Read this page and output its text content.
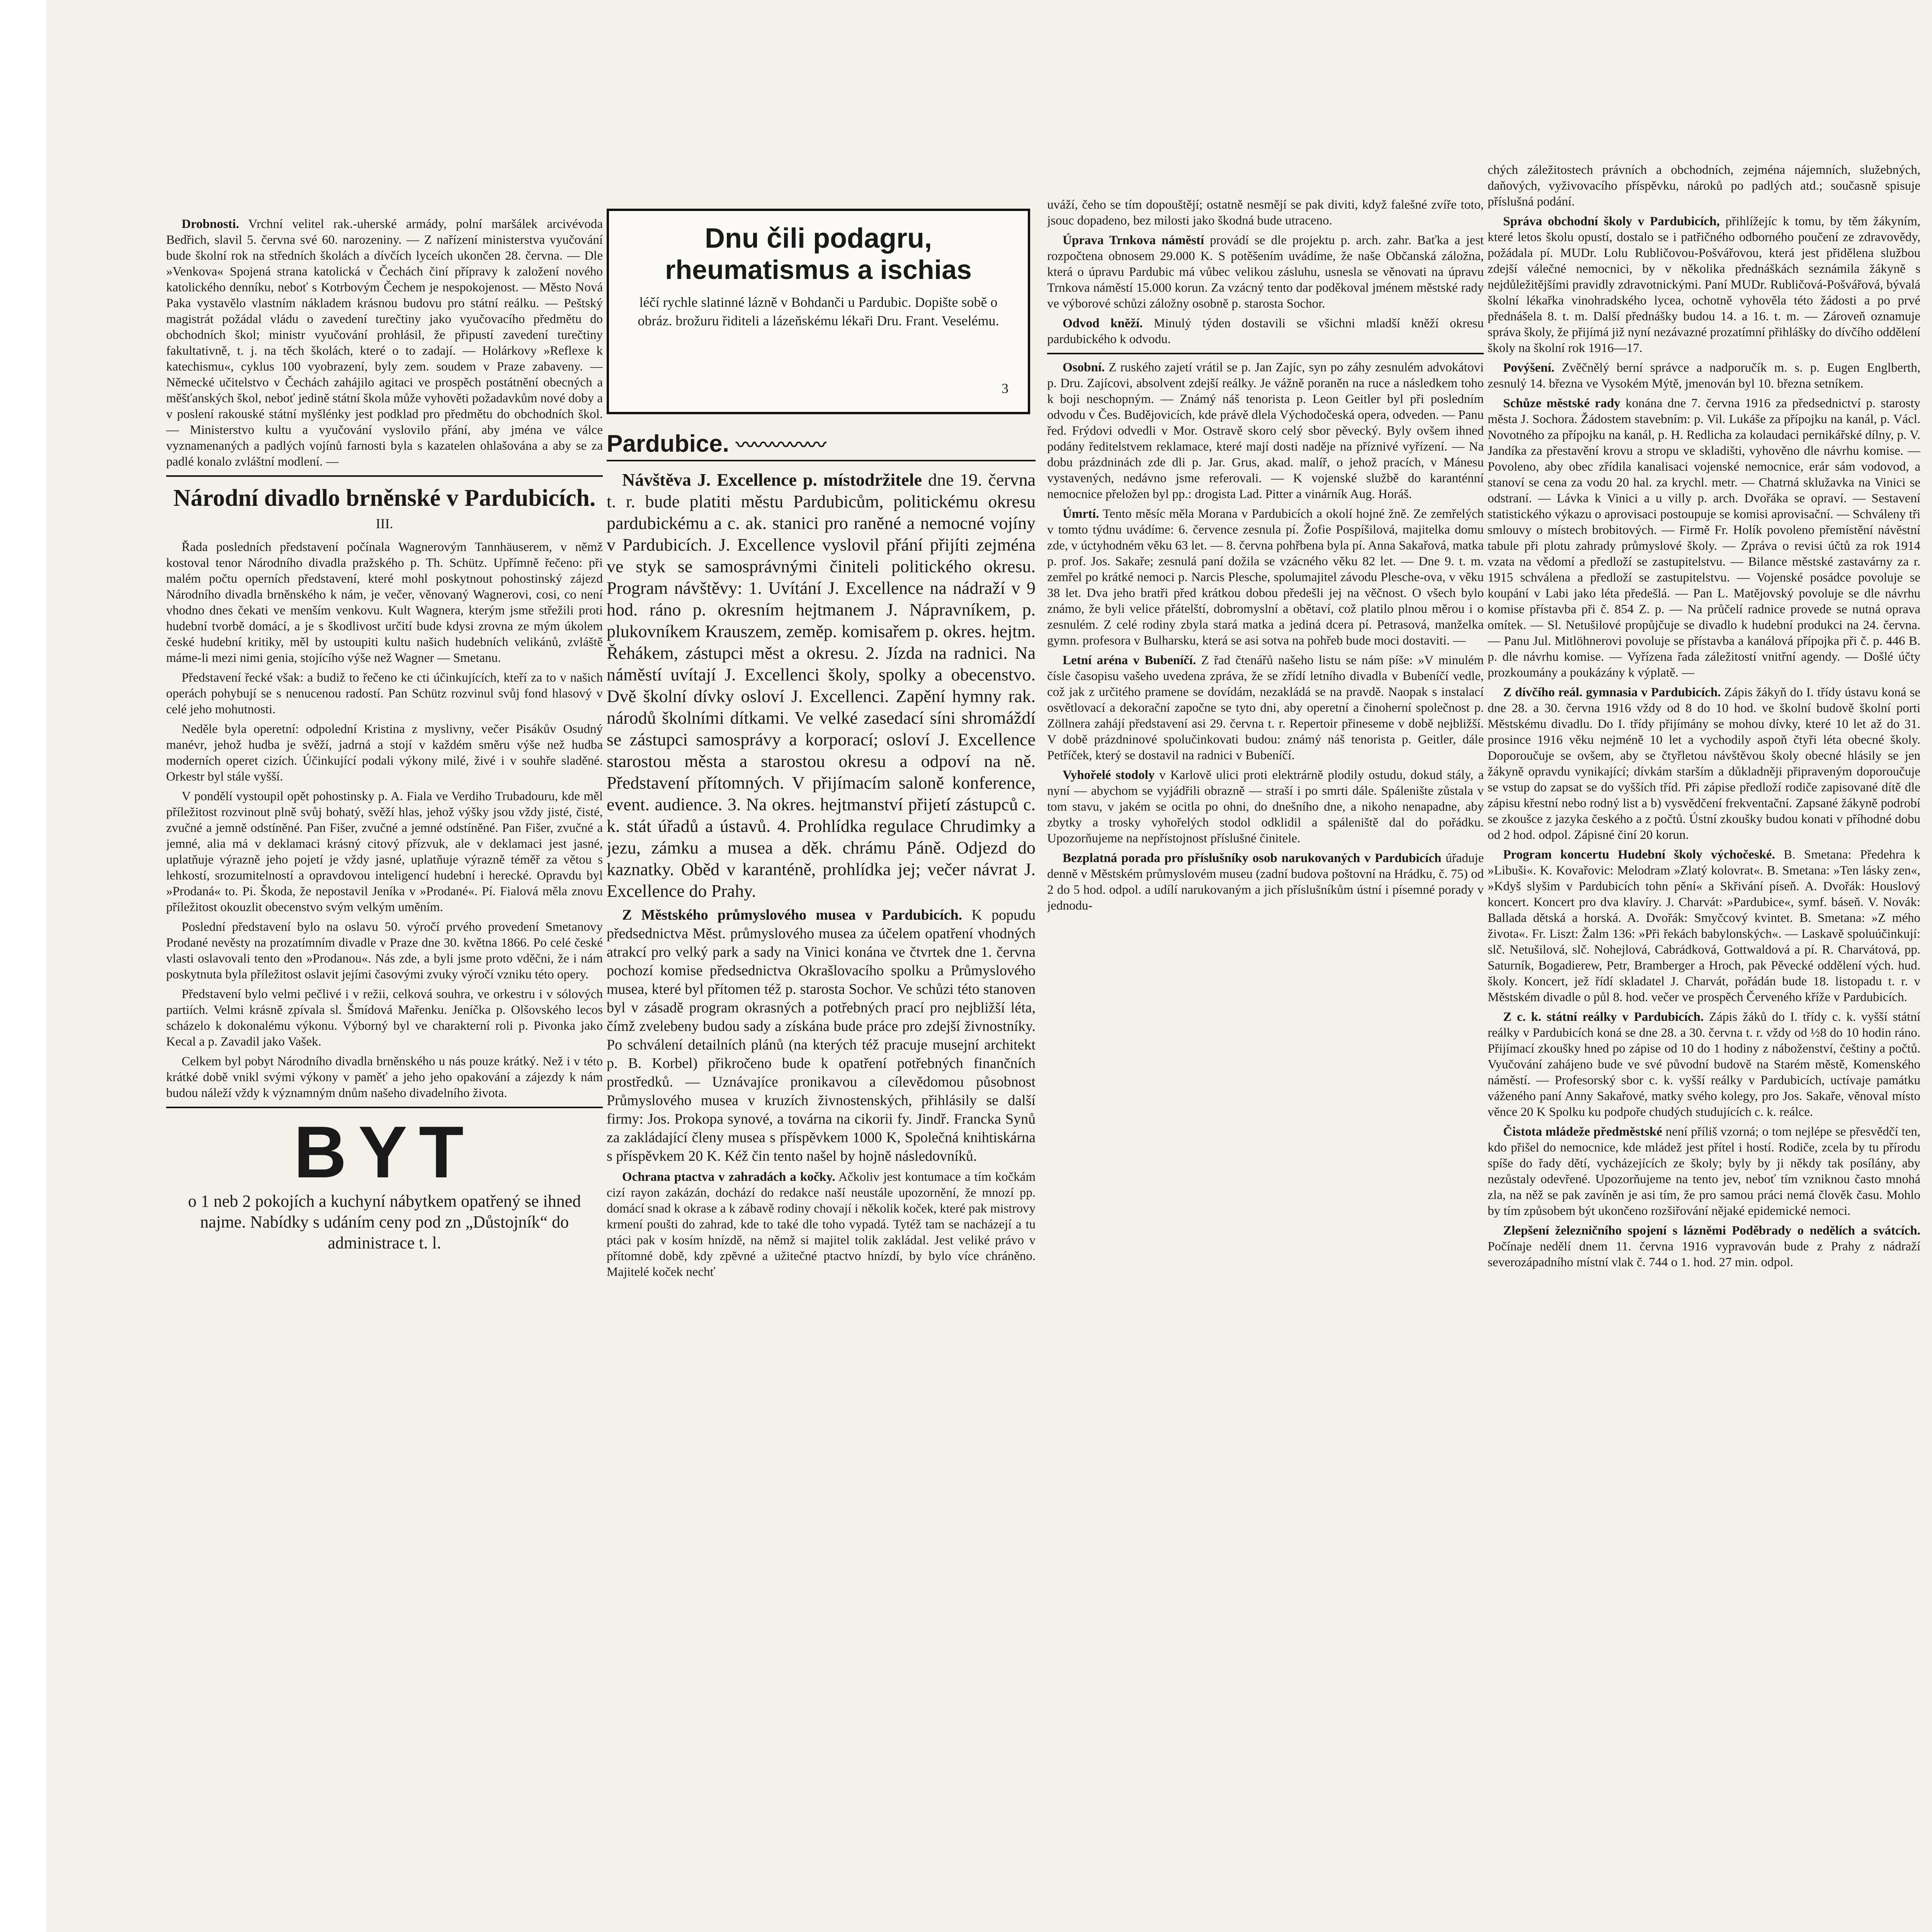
Drobnosti. Vrchní velitel rak.-uherské armády, polní maršálek arcivévoda Bedřich, slavil 5. června své 60. narozeniny. — Z nařízení ministerstva vyučování bude školní rok na středních školách a dívčích lyceích ukončen 28. června. — Dle »Venkova« Spojená strana katolická v Čechách činí přípravy k založení nového katolického denníku, neboť s Kotrbovým Čechem je nespokojenost. — Město Nová Paka vystavělo vlastním nákladem krásnou budovu pro státní reálku. — Peštský magistrát požádal vládu o zavedení turečtiny jako vyučovacího předmětu do obchodních škol; ministr vyučování prohlásil, že připustí zavedení turečtiny fakultativně, t. j. na těch školách, které o to zadají. — Holárkovy »Reflexe k katechismu«, cyklus 100 vyobrazení, byly zem. soudem v Praze zabaveny. — Německé učitelstvo v Čechách zahájilo agitaci ve prospěch postátnění obecných a měšťanských škol, neboť jedině státní škola může vyhověti požadavkům nové doby a v poslení rakouské státní myšlénky jest podklad pro předmětu do obchodních škol. — Ministerstvo kultu a vyučování vyslovilo přání, aby jména ve válce vyznamenaných a padlých vojínů farnosti byla s kazatelen ohlašována a aby se za padlé konalo zvláštní modlení. —

Národní divadlo brněnské v Pardubicích.
III.

Řada posledních představení počínala Wagnerovým Tannhäuserem, v němž kostoval tenor Národního divadla pražského p. Th. Schütz. Upřímně řečeno: při malém počtu operních představení, které mohl poskytnout pohostinský zájezd Národního divadla brněnského k nám, je večer, věnovaný Wagnerovi, cosi, co není vhodno dnes čekati ve menším venkovu. Kult Wagnera, kterým jsme střežili proti hudební tvorbě domácí, a je s škodlivost určití bude kdysi zrovna ze mým úkolem české hudební kritiky, měl by ustoupiti kultu našich hudebních velikánů, zvláště máme-li mezi nimi genia, stojícího výše než Wagner — Smetanu.

Představení řecké však: a budiž to řečeno ke cti účinkujících, kteří za to v našich operách pohybují se s nenucenou radostí. Pan Schütz rozvinul svůj fond hlasový v celé jeho mohutnosti.

Neděle byla operetní: odpolední Kristina z myslivny, večer Pisákův Osudný manévr, jehož hudba je svěží, jadrná a stojí v každém směru výše než hudba moderních operet cizích. Účinkující podali výkony milé, živé i v souhře sladěné. Orkestr byl stále vyšší.

V pondělí vystoupil opět pohostinsky p. A. Fiala ve Verdiho Trubadouru, kde měl příležitost rozvinout plně svůj bohatý, svěží hlas, jehož výšky jsou vždy jisté, čisté, zvučné a jemně odstíněné. Pan Fišer, zvučné a jemné odstíněné. Pan Fišer, zvučné a jemné, alia má v deklamaci krásný citový přízvuk, ale v deklamaci jest jasné, uplatňuje výrazně jeho pojetí je vždy jasné, uplatňuje výrazně téměř za větou s lehkostí, srozumitelností a opravdovou inteligencí hudební i herecké. Opravdu byl »Prodaná« to. Pi. Škoda, že nepostavil Jeníka v »Prodané«. Pí. Fialová měla znovu příležitost okouzlit obecenstvo svým velkým uměním.

Poslední představení bylo na oslavu 50. výročí prvého provedení Smetanovy Prodané nevěsty na prozatímním divadle v Praze dne 30. května 1866. Po celé české vlasti oslavovali tento den »Prodanou«. Nás zde, a byli jsme proto vděčni, že i nám poskytnuta byla příležitost oslavit jejími časovými zvuky výročí vzniku této opery.

Představení bylo velmi pečlivé i v režii, celková souhra, ve orkestru i v sólových partiích. Velmi krásně zpívala sl. Šmídová Mařenku. Jeníčka p. Olšovského lecos scházelo k dokonalému výkonu. Výborný byl ve charakterní roli p. Pivonka jako Kecal a p. Zavadil jako Vašek.

Celkem byl pobyt Národního divadla brněnského u nás pouze krátký. Než i v této krátké době vnikl svými výkony v paměť a jeho jeho opakování a zájezdy k nám budou náleží vždy k významným dnům našeho divadelního života.

BYT

o 1 neb 2 pokojích a kuchyní nábytkem opatřený se ihned najme. Nabídky s udáním ceny pod zn „Důstojník“ do administrace t. l.

Dnu čili podagru,
rheumatismus a ischias

léčí rychle slatinné lázně v Bohdanči u Pardubic. Dopište sobě o obráz. brožuru řiditeli a lázeňskému lékaři Dru. Frant. Veselému.

3
Pardubice. 〰〰〰〰〰

Návštěva J. Excellence p. místodržitele dne 19. června t. r. bude platiti městu Pardubicům, politickému okresu pardubickému a c. ak. stanici pro raněné a nemocné vojíny v Pardubicích. J. Excellence vyslovil přání přijíti zejména ve styk se samosprávnými činiteli politického okresu. Program návštěvy: 1. Uvítání J. Excellence na nádraží v 9 hod. ráno p. okresním hejtmanem J. Nápravníkem, p. plukovníkem Krauszem, zeměp. komisařem p. okres. hejtm. Řehákem, zástupci měst a okresu. 2. Jízda na radnici. Na náměstí uvítají J. Excellenci školy, spolky a obecenstvo. Dvě školní dívky osloví J. Excellenci. Zapění hymny rak. národů školními dítkami. Ve velké zasedací síni shromáždí se zástupci samosprávy a korporací; osloví J. Excellence starostou města a starostou okresu a odpoví na ně. Představení přítomných. V přijímacím saloně konference, event. audience. 3. Na okres. hejtmanství přijetí zástupců c. k. stát úřadů a ústavů. 4. Prohlídka regulace Chrudimky a jezu, zámku a musea a děk. chrámu Páně. Odjezd do kaznatky. Oběd v karanténě, prohlídka jej; večer návrat J. Excellence do Prahy.

Z Městského průmyslového musea v Pardubicích. K popudu předsednictva Měst. průmyslového musea za účelem opatření vhodných atrakcí pro velký park a sady na Vinici konána ve čtvrtek dne 1. června pochozí komise předsednictva Okrašlovacího spolku a Průmyslového musea, které byl přítomen též p. starosta Sochor. Ve schůzi této stanoven byl v zásadě program okrasných a potřebných prací pro nejbližší léta, čímž zvelebeny budou sady a získána bude práce pro zdejší živnostníky. Po schválení detailních plánů (na kterých též pracuje musejní architekt p. B. Korbel) přikročeno bude k opatření potřebných finančních prostředků. — Uznávajíce pronikavou a cílevědomou působnost Průmyslového musea v kruzích živnostenských, přihlásily se další firmy: Jos. Prokopa synové, a továrna na cikorii fy. Jindř. Francka Synů za zakládající členy musea s příspěvkem 1000 K, Společná knihtiskárna s příspěvkem 20 K. Kéž čin tento našel by hojně následovníků.

Ochrana ptactva v zahradách a kočky. Ačkoliv jest kontumace a tím kočkám cizí rayon zakázán, dochází do redakce naší neustále upozornění, že mnozí pp. domácí snad k okrase a k zábavě rodiny chovají i několik koček, které pak mistrovy krmení poušti do zahrad, kde to také dle toho vypadá. Tytéž tam se nacházejí a tu ptáci pak v kosím hnízdě, na němž si majitel tolik zakládal. Jest veliké právo v přítomné době, kdy zpěvné a užitečné ptactvo hnízdí, by bylo více chráněno. Majitelé koček nechť

uváží, čeho se tím dopouštějí; ostatně nesmějí se pak diviti, když falešné zvíře toto, jsouc dopadeno, bez milosti jako škodná bude utraceno.

Úprava Trnkova náměstí provádí se dle projektu p. arch. zahr. Baťka a jest rozpočtena obnosem 29.000 K. S potěšením uvádíme, že naše Občanská záložna, která o úpravu Pardubic má vůbec velikou zásluhu, usnesla se věnovati na úpravu Trnkova náměstí 15.000 korun. Za vzácný tento dar poděkoval jménem městské rady ve výborové schůzi záložny osobně p. starosta Sochor.

Odvod kněží. Minulý týden dostavili se všichni mladší kněží okresu pardubického k odvodu.

Osobní. Z ruského zajetí vrátil se p. Jan Zajíc, syn po záhy zesnulém advokátovi p. Dru. Zajícovi, absolvent zdejší reálky. Je vážně poraněn na ruce a následkem toho k boji neschopným. — Známý náš tenorista p. Leon Geitler byl při posledním odvodu v Čes. Budějovicích, kde právě dlela Východočeská opera, odveden. — Panu řed. Frýdovi odvedli v Mor. Ostravě skoro celý sbor pěvecký. Byly ovšem ihned podány ředitelstvem reklamace, které mají dosti naděje na příznivé vyřízení. — Na dobu prázdninách zde dli p. Jar. Grus, akad. malíř, o jehož pracích, v Mánesu vystavených, nedávno jsme referovali. — K vojenské službě do karanténní nemocnice přeložen byl pp.: drogista Lad. Pitter a vinárník Aug. Horáš.

Úmrtí. Tento měsíc měla Morana v Pardubicích a okolí hojné žně. Ze zemřelých v tomto týdnu uvádíme: 6. července zesnula pí. Žofie Pospíšilová, majitelka domu zde, v úctyhodném věku 63 let. — 8. června pohřbena byla pí. Anna Sakařová, matka p. prof. Jos. Sakaře; zesnulá paní dožila se vzácného věku 82 let. — Dne 9. t. m. zemřel po krátké nemoci p. Narcis Plesche, spolumajitel závodu Plesche-ova, v věku 38 let. Dva jeho bratři před krátkou dobou předešli jej na věčnost. O všech bylo známo, že byli velice přátelští, dobromyslní a obětaví, což platilo plnou měrou i o zesnulém. Z celé rodiny zbyla stará matka a jediná dcera pí. Petrasová, manželka gymn. profesora v Bulharsku, která se asi sotva na pohřeb bude moci dostaviti. —

Letní aréna v Bubeníčí. Z řad čtenářů našeho listu se nám píše: »V minulém čísle časopisu vašeho uvedena zpráva, že se zřídí letního divadla v Bubeníčí vedle, což jak z určitého pramene se dovídám, nezakládá se na pravdě. Naopak s instalací osvětlovací a dekorační započne se tyto dni, aby operetní a činoherní společnost p. Zöllnera zahájí představení asi 29. června t. r. Repertoir přineseme v době nejbližší. V době prázdninové spolučinkovati budou: známý náš tenorista p. Geitler, dále Petříček, který se dostavil na radnici v Bubeníčí.

Vyhořelé stodoly v Karlově ulici proti elektrárně plodily ostudu, dokud stály, a nyní — abychom se vyjádřili obrazně — straší i po smrti dále. Spálenište zůstala v tom stavu, v jakém se ocitla po ohni, do dnešního dne, a nikoho nenapadne, aby zbytky a trosky vyhořelých stodol odklidil a spáleniště dal do pořádku. Upozorňujeme na nepřístojnost příslušné činitele.

Bezplatná porada pro příslušníky osob narukovaných v Pardubicích úřaduje denně v Městském průmyslovém museu (zadní budova poštovní na Hrádku, č. 75) od 2 do 5 hod. odpol. a udílí narukovaným a jich příslušníkům ústní i písemné porady v jednodu-

chých záležitostech právních a obchodních, zejména nájemních, služebných, daňových, vyživovacího příspěvku, nároků po padlých atd.; současně spisuje příslušná podání.

Správa obchodní školy v Pardubicích, přihlížejíc k tomu, by těm žákyním, které letos školu opustí, dostalo se i patřičného odborného poučení ze zdravovědy, požádala pí. MUDr. Lolu Rubličovou-Pošvářovou, která jest přidělena službou zdejší válečné nemocnici, by v několika přednáškách seznámila žákyně s nejdůležitějšími pravidly zdravotnickými. Paní MUDr. Rubličová-Pošvářová, bývalá školní lékařka vinohradského lycea, ochotně vyhověla této žádosti a po prvé přednášela 8. t. m. Další přednášky budou 14. a 16. t. m. — Zároveň oznamuje správa školy, že přijímá již nyní nezávazné prozatímní přihlášky do dívčího oddělení školy na školní rok 1916—17.

Povýšení. Zvěčnělý berní správce a nadporučík m. s. p. Eugen Englberth, zesnulý 14. března ve Vysokém Mýtě, jmenován byl 10. března setníkem.

Schůze městské rady konána dne 7. června 1916 za předsednictví p. starosty města J. Sochora. Žádostem stavebním: p. Vil. Lukáše za přípojku na kanál, p. Václ. Novotného za přípojku na kanál, p. H. Redlicha za kolaudaci pernikářské dílny, p. V. Jandíka za přestavění krovu a stropu ve skladišti, vyhověno dle návrhu komise. — Povoleno, aby obec zřídila kanalisaci vojenské nemocnice, erár sám vodovod, a stanoví se cena za vodu 20 hal. za krychl. metr. — Chatrná sklužavka na Vinici se odstraní. — Lávka k Vinici a u villy p. arch. Dvořáka se opraví. — Sestavení statistického výkazu o aprovisaci postoupuje se komisi aprovisační. — Schváleny tři smlouvy o místech brobitových. — Firmě Fr. Holík povoleno přemístění návěstní tabule při plotu zahrady průmyslové školy. — Zpráva o revisi účtů za rok 1914 vzata na vědomí a předloží se zastupitelstvu. — Bilance městské zastavárny za r. 1915 schválena a předloží se zastupitelstvu. — Vojenské posádce povoluje se koupání v Labi jako léta předešlá. — Pan L. Matějovský povoluje se dle návrhu komise přístavba při č. 854 Z. p. — Na průčelí radnice provede se nutná oprava omítek. — Sl. Netušilové propůjčuje se divadlo k hudební produkci na 24. června. — Panu Jul. Mitlöhnerovi povoluje se přístavba a kanálová přípojka při č. p. 446 B. p. dle návrhu komise. — Vyřízena řada záležitostí vnitřní agendy. — Došlé účty prozkoumány a poukázány k výplatě. —

Z dívčího reál. gymnasia v Pardubicích. Zápis žákyň do I. třídy ústavu koná se dne 28. a 30. června 1916 vždy od 8 do 10 hod. ve školní budově školní porti Městskému divadlu. Do I. třídy přijímány se mohou dívky, které 10 let až do 31. prosince 1916 věku nejméně 10 let a vychodily aspoň čtyři léta obecné školy. Doporoučuje se ovšem, aby se čtyřletou návštěvou školy obecné hlásily se jen žákyně opravdu vynikající; dívkám starším a důkladněji připraveným doporoučuje se vstup do zapsat se do vyšších tříd. Při zápise předloží rodiče zapisované dítě dle zápisu křestní nebo rodný list a b) vysvědčení frekventační. Zapsané žákyně podrobí se zkoušce z jazyka českého a z počtů. Ústní zkoušky budou konati v příhodné dobu od 2 hod. odpol. Zápisné činí 20 korun.

Program koncertu Hudební školy výchočeské. B. Smetana: Předehra k »Libuši«. K. Kovařovic: Melodram »Zlatý kolovrat«. B. Smetana: »Ten lásky zen«, »Kdyš slyšim v Pardubicích tohn pění« a Skřivání píseň. A. Dvořák: Houslový koncert. Koncert pro dva klavíry. J. Charvát: »Pardubice«, symf. báseň. V. Novák: Ballada dětská a horská. A. Dvořák: Smyčcový kvintet. B. Smetana: »Z mého života«. Fr. Liszt: Žalm 136: »Při řekách babylonských«. — Laskavě spoluúčinkují: slč. Netušilová, slč. Nohejlová, Cabrádková, Gottwaldová a pí. R. Charvátová, pp. Saturník, Bogadierew, Petr, Bramberger a Hroch, pak Pěvecké oddělení vých. hud. školy. Koncert, jež řídí skladatel J. Charvát, pořádán bude 18. listopadu t. r. v Městském divadle o půl 8. hod. večer ve prospěch Červeného kříže v Pardubicích.

Z c. k. státní reálky v Pardubicích. Zápis žáků do I. třídy c. k. vyšší státní reálky v Pardubicích koná se dne 28. a 30. června t. r. vždy od ½8 do 10 hodin ráno. Přijímací zkoušky hned po zápise od 10 do 1 hodiny z náboženství, češtiny a počtů. Vyučování zahájeno bude ve své původní budově na Starém městě, Komenského náměstí. — Profesorský sbor c. k. vyšší reálky v Pardubicích, uctívaje památku váženého paní Anny Sakařové, matky svého kolegy, pro Jos. Sakaře, věnoval místo věnce 20 K Spolku ku podpoře chudých studujících c. k. reálce.

Čistota mládeže předměstské není příliš vzorná; o tom nejlépe se přesvědčí ten, kdo přišel do nemocnice, kde mládež jest přítel i hostí. Rodiče, zcela by tu přírodu spíše do řady dětí, vycházejících ze školy; byly by ji někdy tak posílány, aby nezůstaly odevřené. Upozorňujeme na tento jev, neboť tím vzniknou často mnohá zla, na něž se pak zavíněn je asi tím, že pro samou práci nemá člověk času. Mohlo by tím způsobem být ukončeno rozšiřování nějaké epidemické nemoci.

Zlepšení železničního spojení s lázněmi Poděbrady o nedělích a svátcích. Počínaje nedělí dnem 11. června 1916 vypravován bude z Prahy z nádraží severozápadního místní vlak č. 744 o 1. hod. 27 min. odpol.
